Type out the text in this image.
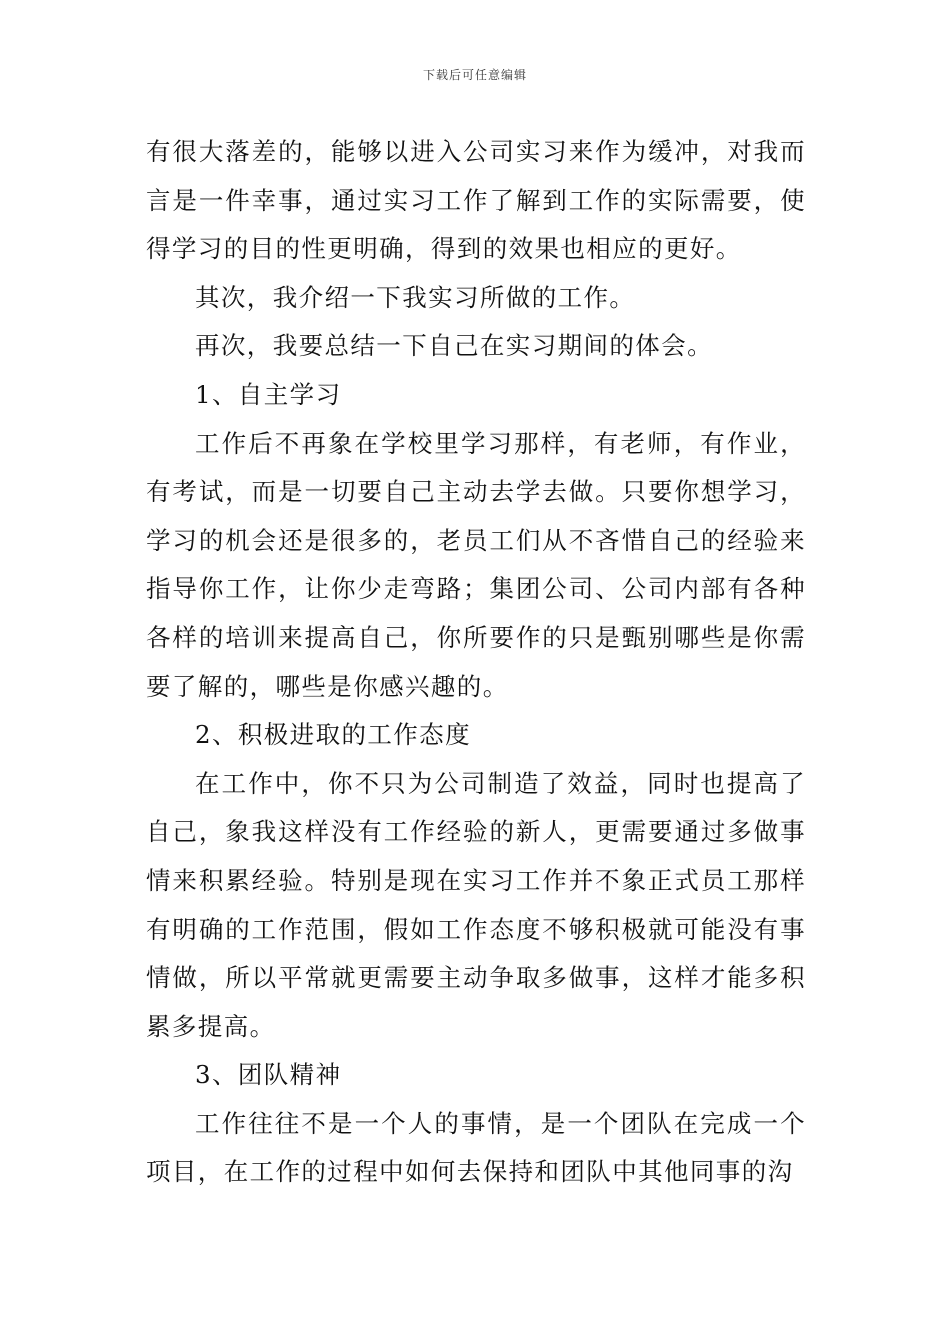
下载后可任意编辑

有很大落差的，能够以进入公司实习来作为缓冲，对我而言是一件幸事，通过实习工作了解到工作的实际需要，使得学习的目的性更明确，得到的效果也相应的更好。

其次，我介绍一下我实习所做的工作。

再次，我要总结一下自己在实习期间的体会。

1、自主学习

工作后不再象在学校里学习那样，有老师，有作业，有考试，而是一切要自己主动去学去做。只要你想学习，学习的机会还是很多的，老员工们从不吝惜自己的经验来指导你工作，让你少走弯路；集团公司、公司内部有各种各样的培训来提高自己，你所要作的只是甄别哪些是你需要了解的，哪些是你感兴趣的。

2、积极进取的工作态度

在工作中，你不只为公司制造了效益，同时也提高了自己，象我这样没有工作经验的新人，更需要通过多做事情来积累经验。特别是现在实习工作并不象正式员工那样有明确的工作范围，假如工作态度不够积极就可能没有事情做，所以平常就更需要主动争取多做事，这样才能多积累多提高。

3、团队精神

工作往往不是一个人的事情，是一个团队在完成一个项目，在工作的过程中如何去保持和团队中其他同事的沟
